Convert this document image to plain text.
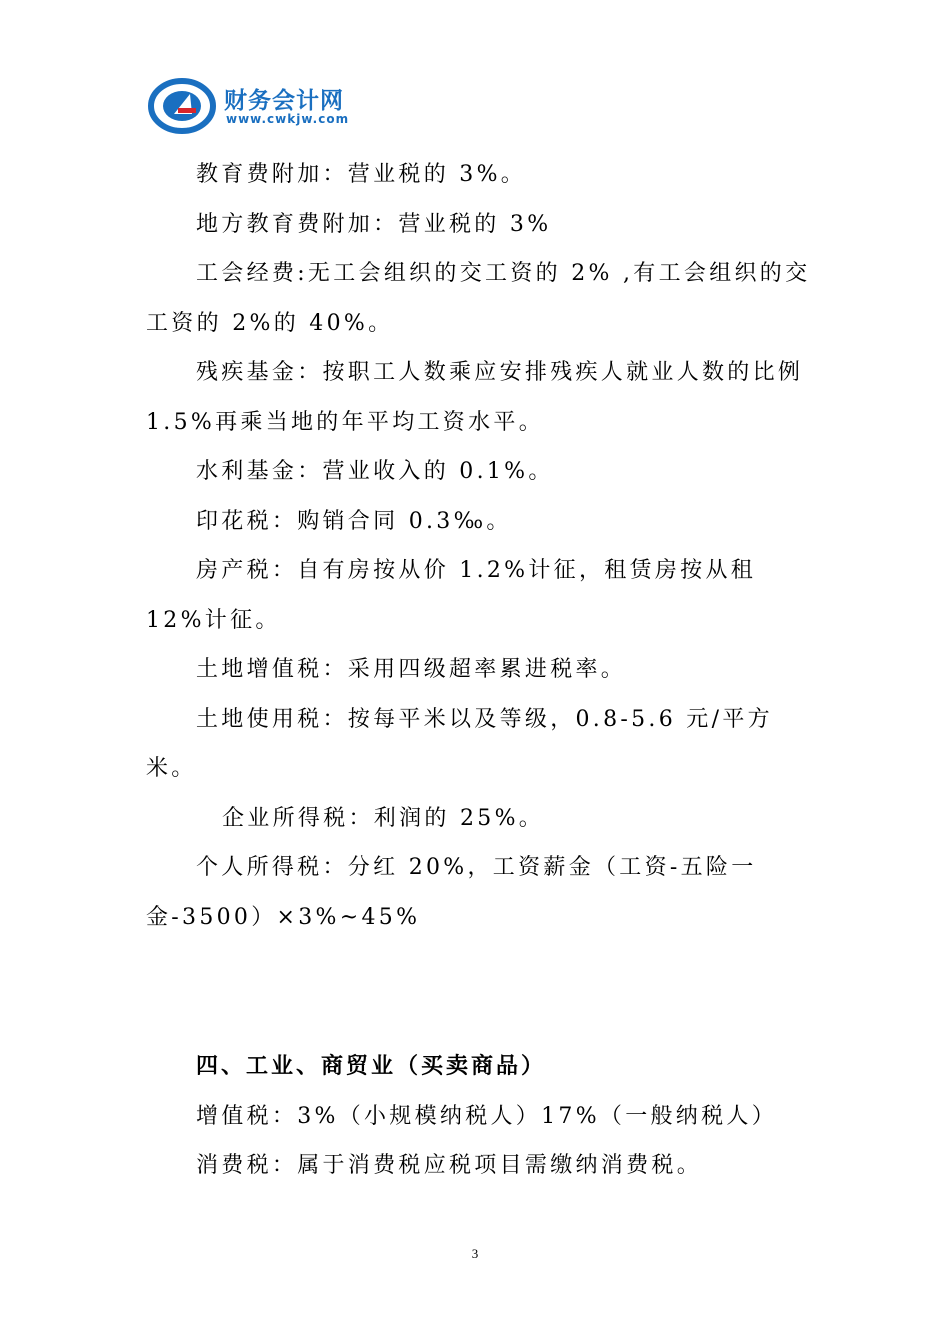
财务会计网
www.cwkjw.com

教育费附加：营业税的 3%。

地方教育费附加：营业税的 3%

工会经费:无工会组织的交工资的 2% ,有工会组织的交工资的 2%的 40%。

残疾基金：按职工人数乘应安排残疾人就业人数的比例 1.5%再乘当地的年平均工资水平。

水利基金：营业收入的 0.1%。

印花税：购销合同 0.3‰。

房产税：自有房按从价 1.2%计征，租赁房按从租 12%计征。

土地增值税：采用四级超率累进税率。

土地使用税：按每平米以及等级，0.8-5.6 元/平方米。

企业所得税：利润的 25%。

个人所得税：分红 20%，工资薪金（工资-五险一金-3500）×3%~45%

四、工业、商贸业（买卖商品）

增值税：3%（小规模纳税人）17%（一般纳税人）

消费税：属于消费税应税项目需缴纳消费税。

3
